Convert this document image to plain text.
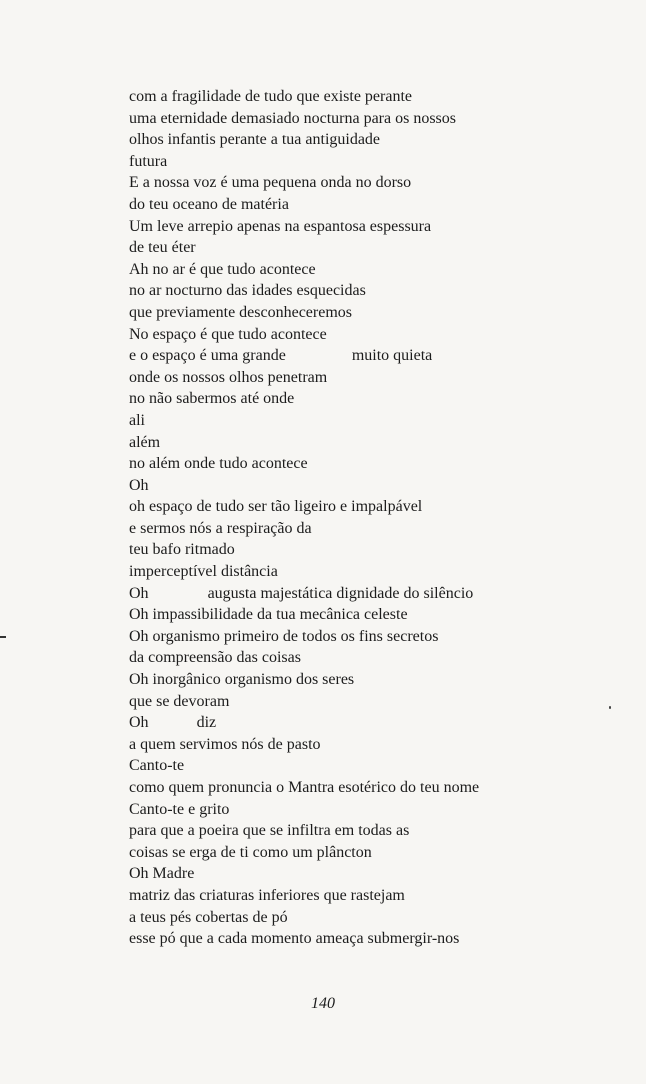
com a fragilidade de tudo que existe perante
uma eternidade demasiado nocturna para os nossos
olhos infantis perante a tua antiguidade
futura
E a nossa voz é uma pequena onda no dorso
do teu oceano de matéria
Um leve arrepio apenas na espantosa espessura
de teu éter
Ah no ar é que tudo acontece
no ar nocturno das idades esquecidas
que previamente desconheceremos
No espaço é que tudo acontece
e o espaço é uma grande	muito quieta
onde os nossos olhos penetram
no não sabermos até onde
ali
além
no além onde tudo acontece
Oh
oh espaço de tudo ser tão ligeiro e impalpável
e sermos nós a respiração da
teu bafo ritmado
imperceptível distância
Oh	augusta majestática dignidade do silêncio
Oh impassibilidade da tua mecânica celeste
Oh organismo primeiro de todos os fins secretos
da compreensão das coisas
Oh inorgânico organismo dos seres
que se devoram
Oh	diz
a quem servimos nós de pasto
Canto-te
como quem pronuncia o Mantra esotérico do teu nome
Canto-te e grito
para que a poeira que se infiltra em todas as
coisas se erga de ti como um plâncton
Oh Madre
matriz das criaturas inferiores que rastejam
a teus pés cobertas de pó
esse pó que a cada momento ameaça submergir-nos
140
